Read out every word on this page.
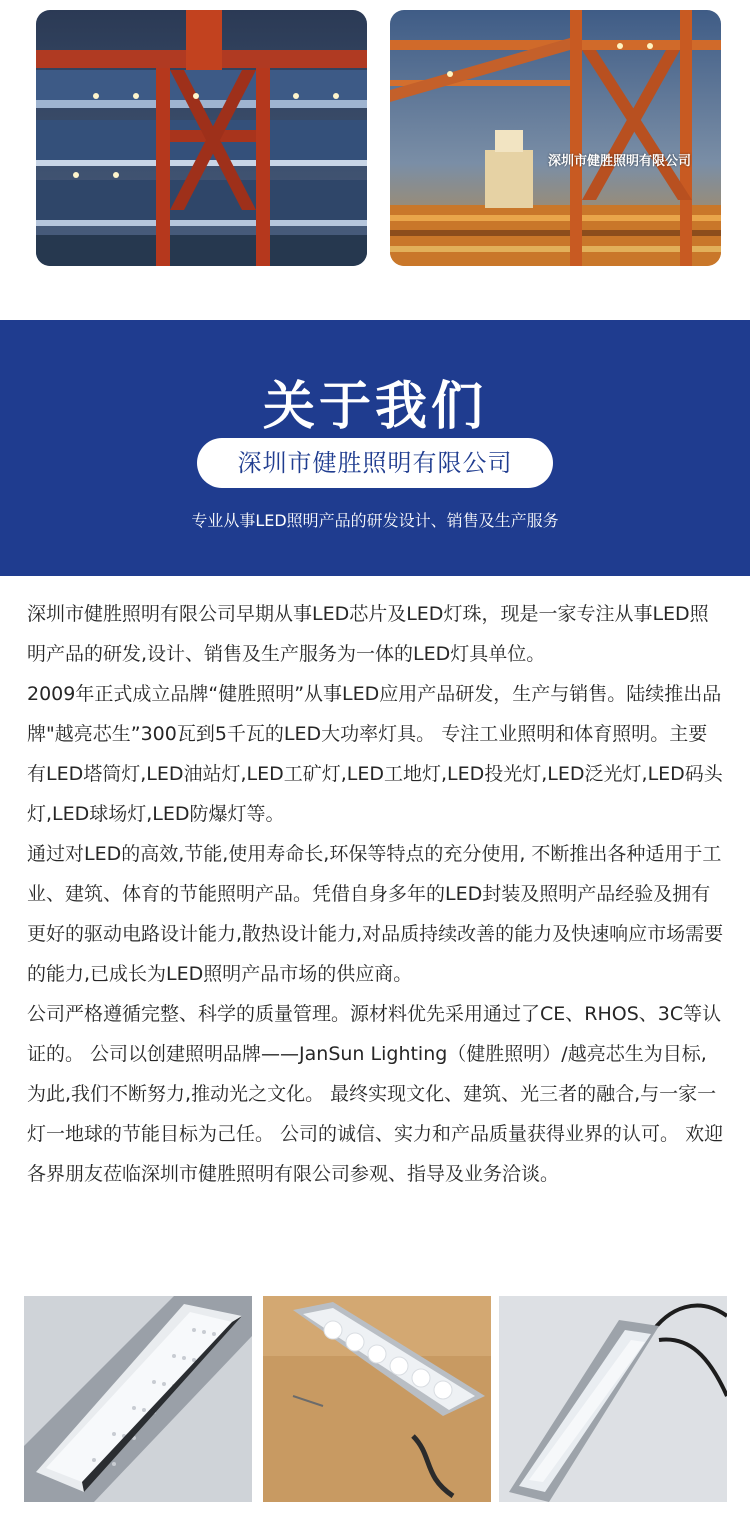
深圳市健胜照明有限公司
关于我们
深圳市健胜照明有限公司
专业从事LED照明产品的研发设计、销售及生产服务

深圳市健胜照明有限公司早期从事LED芯片及LED灯珠，现是一家专注从事LED照明产品的研发,设计、销售及生产服务为一体的LED灯具单位。

2009年正式成立品牌“健胜照明”从事LED应用产品研发，生产与销售。陆续推出品牌"越亮芯生”300瓦到5千瓦的LED大功率灯具。 专注工业照明和体育照明。主要有LED塔筒灯,LED油站灯,LED工矿灯,LED工地灯,LED投光灯,LED泛光灯,LED码头灯,LED球场灯,LED防爆灯等。

通过对LED的高效,节能,使用寿命长,环保等特点的充分使用, 不断推出各种适用于工业、建筑、体育的节能照明产品。凭借自身多年的LED封装及照明产品经验及拥有更好的驱动电路设计能力,散热设计能力,对品质持续改善的能力及快速响应市场需要的能力,已成长为LED照明产品市场的供应商。

公司严格遵循完整、科学的质量管理。源材料优先采用通过了CE、RHOS、3C等认证的。 公司以创建照明品牌——JanSun Lighting（健胜照明）/越亮芯生为目标,为此,我们不断努力,推动光之文化。 最终实现文化、建筑、光三者的融合,与一家一灯一地球的节能目标为己任。 公司的诚信、实力和产品质量获得业界的认可。 欢迎各界朋友莅临深圳市健胜照明有限公司参观、指导及业务洽谈。
